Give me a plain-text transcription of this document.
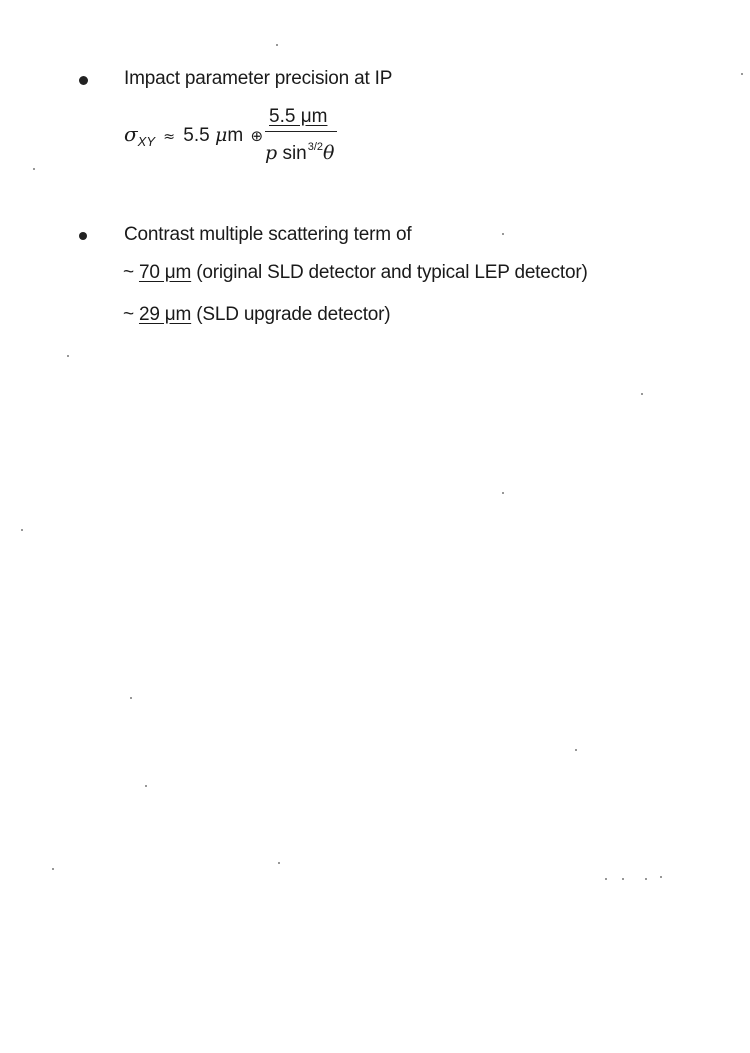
Impact parameter precision at IP
$\sigma_{XY} \approx 5.5$ μm ⊕ $\frac{5.5 \mu m}{p \sin^{3/2}\theta}$
Contrast multiple scattering term of
~ 70 μm (original SLD detector and typical LEP detector)
~ 29 μm (SLD upgrade detector)
